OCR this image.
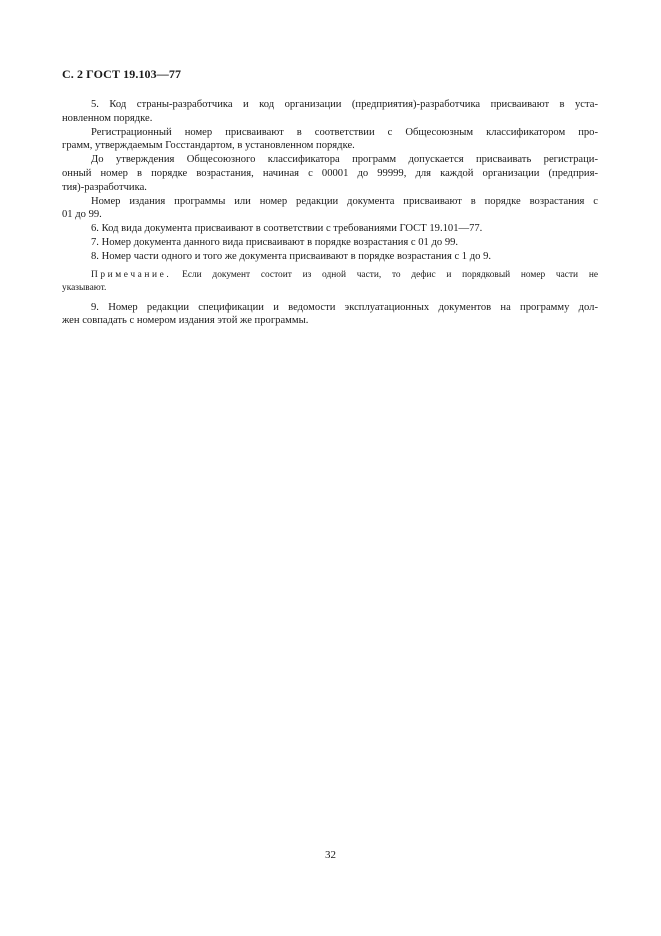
С. 2 ГОСТ 19.103—77
5. Код страны-разработчика и код организации (предприятия)-разработчика присваивают в уста-
новленном порядке.
Регистрационный номер присваивают в соответствии с Общесоюзным классификатором про-
грамм, утверждаемым Госстандартом, в установленном порядке.
До утверждения Общесоюзного классификатора программ допускается присваивать регистраци-
онный номер в порядке возрастания, начиная с 00001 до 99999, для каждой организации (предприя-
тия)-разработчика.
Номер издания программы или номер редакции документа присваивают в порядке возрастания с
01 до 99.
6. Код вида документа присваивают в соответствии с требованиями ГОСТ 19.101—77.
7. Номер документа данного вида присваивают в порядке возрастания с 01 до 99.
8. Номер части одного и того же документа присваивают в порядке возрастания с 1 до 9.
Примечание. Если документ состоит из одной части, то дефис и порядковый номер части не
указывают.
9. Номер редакции спецификации и ведомости эксплуатационных документов на программу дол-
жен совпадать с номером издания этой же программы.
32
